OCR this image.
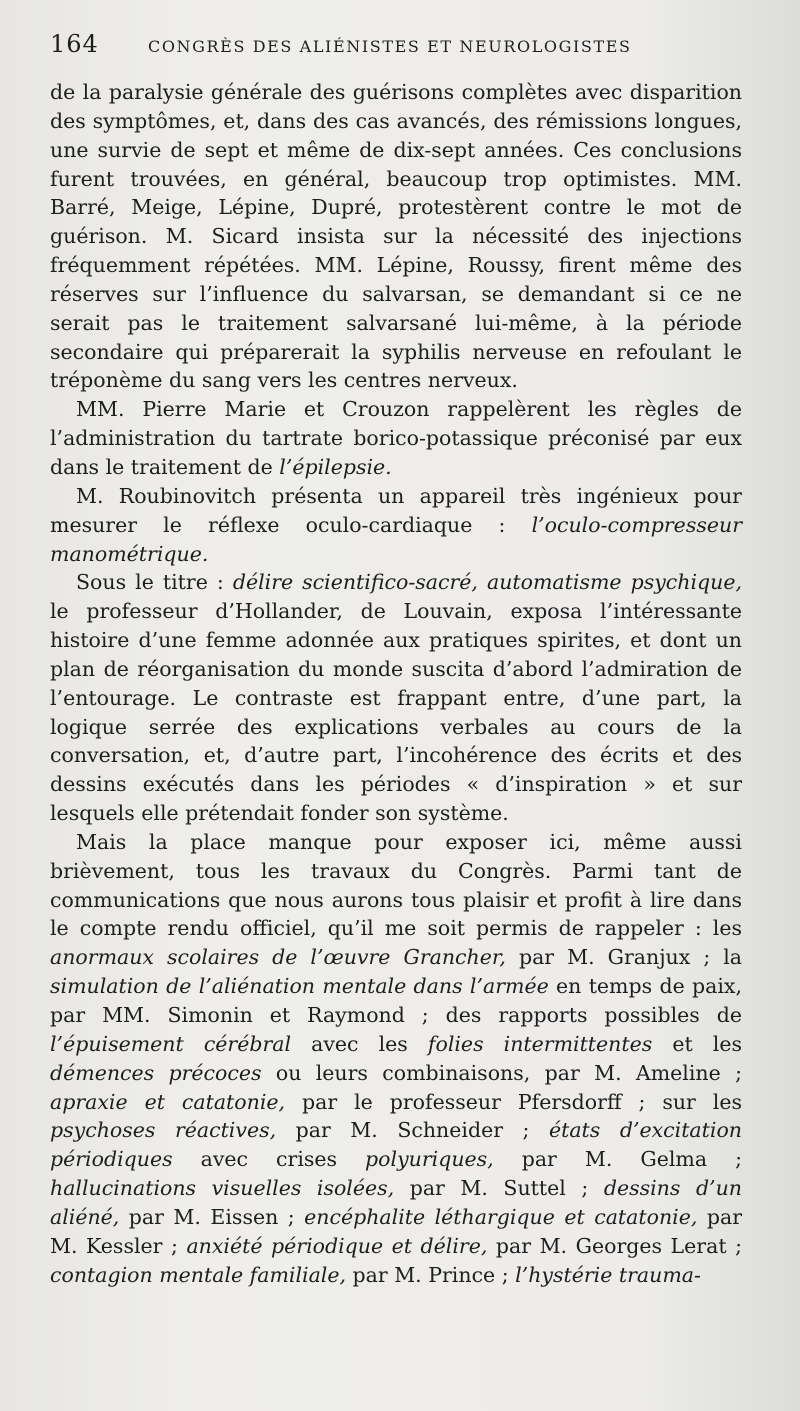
164	CONGRÈS DES ALIÉNISTES ET NEUROLOGISTES

de la paralysie générale des guérisons complètes avec disparition des symptômes, et, dans des cas avancés, des rémissions longues, une survie de sept et même de dix-sept années. Ces conclusions furent trouvées, en général, beaucoup trop optimistes. MM. Barré, Meige, Lépine, Dupré, protestèrent contre le mot de guérison. M. Sicard insista sur la nécessité des injections fréquemment répétées. MM. Lépine, Roussy, firent même des réserves sur l’influence du salvarsan, se demandant si ce ne serait pas le traitement salvarsané lui-même, à la période secondaire qui préparerait la syphilis nerveuse en refoulant le tréponème du sang vers les centres nerveux.

MM. Pierre Marie et Crouzon rappelèrent les règles de l’administration du tartrate borico-potassique préconisé par eux dans le traitement de l’épilepsie.

M. Roubinovitch présenta un appareil très ingénieux pour mesurer le réflexe oculo-cardiaque : l’oculo-compresseur manométrique.

Sous le titre : délire scientifico-sacré, automatisme psychique, le professeur d’Hollander, de Louvain, exposa l’intéressante histoire d’une femme adonnée aux pratiques spirites, et dont un plan de réorganisation du monde suscita d’abord l’admiration de l’entourage. Le contraste est frappant entre, d’une part, la logique serrée des explications verbales au cours de la conversation, et, d’autre part, l’incohérence des écrits et des dessins exécutés dans les périodes « d’inspiration » et sur lesquels elle prétendait fonder son système.

Mais la place manque pour exposer ici, même aussi brièvement, tous les travaux du Congrès. Parmi tant de communications que nous aurons tous plaisir et profit à lire dans le compte rendu officiel, qu’il me soit permis de rappeler : les anormaux scolaires de l’œuvre Grancher, par M. Granjux ; la simulation de l’aliénation mentale dans l’armée en temps de paix, par MM. Simonin et Raymond ; des rapports possibles de l’épuisement cérébral avec les folies intermittentes et les démences précoces ou leurs combinaisons, par M. Ameline ; apraxie et catatonie, par le professeur Pfersdorff ; sur les psychoses réactives, par M. Schneider ; états d’excitation périodiques avec crises polyuriques, par M. Gelma ; hallucinations visuelles isolées, par M. Suttel ; dessins d’un aliéné, par M. Eissen ; encéphalite léthargique et catatonie, par M. Kessler ; anxiété périodique et délire, par M. Georges Lerat ; contagion mentale familiale, par M. Prince ; l’hystérie trauma-
